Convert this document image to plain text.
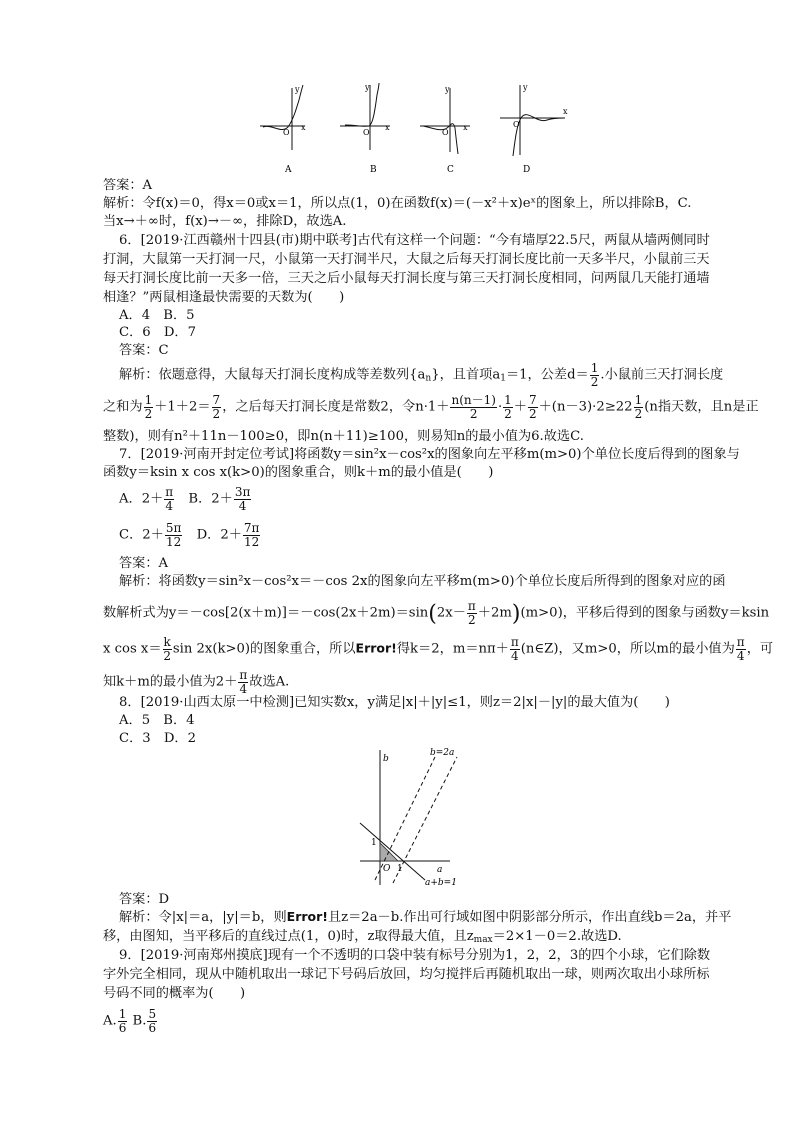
y
x
O
A
y
x
O
B
y
x
O
C
y
x
O
D
答案：A
解析：令f(x)＝0，得x＝0或x＝1，所以点(1，0)在函数f(x)＝(－x²＋x)eˣ的图象上，所以排除B，C.
当x→＋∞时，f(x)→－∞，排除D，故选A.
6．[2019·江西赣州十四县(市)期中联考]古代有这样一个问题：“今有墙厚22.5尺，两鼠从墙两侧同时
打洞，大鼠第一天打洞一尺，小鼠第一天打洞半尺，大鼠之后每天打洞长度比前一天多半尺，小鼠前三天
每天打洞长度比前一天多一倍，三天之后小鼠每天打洞长度与第三天打洞长度相同，问两鼠几天能打通墙
相逢？”两鼠相逢最快需要的天数为(　　)
A．4　B．5
C．6　D．7
答案：C
解析：依题意得，大鼠每天打洞长度构成等差数列$\{a_n\}$，且首项$a_1=1$，公差$d= \frac{1}{2}$ .小鼠前三天打洞长度
之和为 $\frac{1}{2} +1+2= \frac{7}{2}$ ，之后每天打洞长度是常数2，令$n\cdot 1+ \frac{n(n-1)}{2} \cdot \frac{1}{2} + \frac{7}{2} +(n-3)\cdot 2\ge 22 \frac{1}{2} (n$指天数，且n是正
整数)，则有n²＋11n－100≥0，即n(n＋11)≥100，则易知n的最小值为6.故选C.
7．[2019·河南开封定位考试]将函数y＝sin²x－cos²x的图象向左平移m(m>0)个单位长度后得到的图象与
函数y＝ksin x cos x(k>0)的图象重合，则k＋m的最小值是(　　)
A．$2+ \frac{\pi}{4}$ 　B．$2+ \frac{3\pi}{4}$
C．$2+ \frac{5\pi}{12}$ 　D．$2+ \frac{7\pi}{12}$
答案：A
解析：将函数y＝sin²x－cos²x＝－cos 2x的图象向左平移m(m>0)个单位长度后所得到的图象对应的函
数解析式为$y=-\cos[2(x+m)]=-\cos(2x+2m)=\sin(2x- \frac{\pi}{2} +2m)(m>0)$，平移后得到的图象与函数y＝ksin
x $\cos x= \frac{k}{2}$ sin 2x(k>0)的图象重合，所以Error!得k＝2，$m=n\pi+ \frac{\pi}{4}$ (n∈Z)，又m>0，所以m的最小值为 $\frac{\pi}{4}$ ，可
知k＋m的最小值为$2+ \frac{\pi}{4}$ 故选A.
8．[2019·山西太原一中检测]已知实数x，y满足|x|＋|y|≤1，则z＝2|x|－|y|的最大值为(　　)
A．5　B．4
C．3　D．2
b
a
b=2a
a+b=1
1
1
O
答案：D
解析：令|x|＝a，|y|＝b，则Error!且z＝2a－b.作出可行域如图中阴影部分所示，作出直线b＝2a，并平
移，由图知，当平移后的直线过点(1，0)时，z取得最大值，且$z_{max}=2\times 1-0=2$.故选D.
9．[2019·河南郑州摸底]现有一个不透明的口袋中装有标号分别为1，2，2，3的四个小球，它们除数
字外完全相同，现从中随机取出一球记下号码后放回，均匀搅拌后再随机取出一球，则两次取出小球所标
号码不同的概率为(　　)
A. $\frac{1}{6} B$. $\frac{5}{6}$
